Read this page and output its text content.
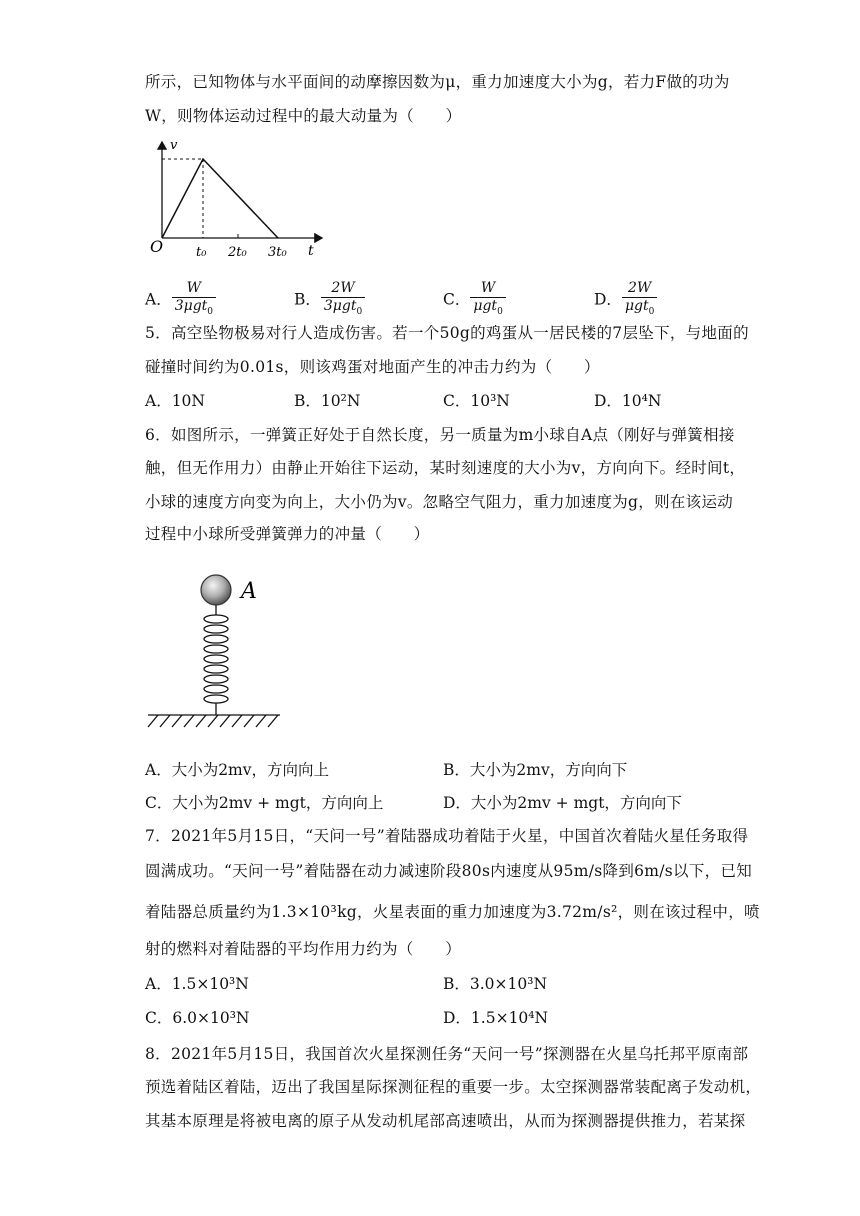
所示，已知物体与水平面间的动摩擦因数为μ，重力加速度大小为g，若力F做的功为
W，则物体运动过程中的最大动量为（　　）
v
O	t
t₀ 2t₀ 3t₀
A． $\frac{W}{3\mu gt_0}$	B． $\frac{2W}{3\mu gt_0}$	C． $\frac{W}{\mu gt_0}$	D． $\frac{2W}{\mu gt_0}$
5．高空坠物极易对行人造成伤害。若一个50g的鸡蛋从一居民楼的7层坠下，与地面的
碰撞时间约为0.01s，则该鸡蛋对地面产生的冲击力约为（　　）
A．10N	B．10²N	C．10³N	D．10⁴N
6．如图所示，一弹簧正好处于自然长度，另一质量为m小球自A点（刚好与弹簧相接
触，但无作用力）由静止开始往下运动，某时刻速度的大小为v，方向向下。经时间t，
小球的速度方向变为向上，大小仍为v。忽略空气阻力，重力加速度为g，则在该运动
过程中小球所受弹簧弹力的冲量（　　）
A
A．大小为2mv，方向向上	B．大小为2mv，方向向下
C．大小为2mv + mgt，方向向上	D．大小为2mv + mgt，方向向下
7．2021年5月15日，“天问一号”着陆器成功着陆于火星，中国首次着陆火星任务取得
圆满成功。“天问一号”着陆器在动力减速阶段80s内速度从95m/s降到6m/s以下，已知
着陆器总质量约为1.3×10³kg，火星表面的重力加速度为3.72m/s²，则在该过程中，喷
射的燃料对着陆器的平均作用力约为（　　）
A．1.5×10³N	B．3.0×10³N
C．6.0×10³N	D．1.5×10⁴N
8．2021年5月15日，我国首次火星探测任务“天问一号”探测器在火星乌托邦平原南部
预选着陆区着陆，迈出了我国星际探测征程的重要一步。太空探测器常装配离子发动机，
其基本原理是将被电离的原子从发动机尾部高速喷出，从而为探测器提供推力，若某探
